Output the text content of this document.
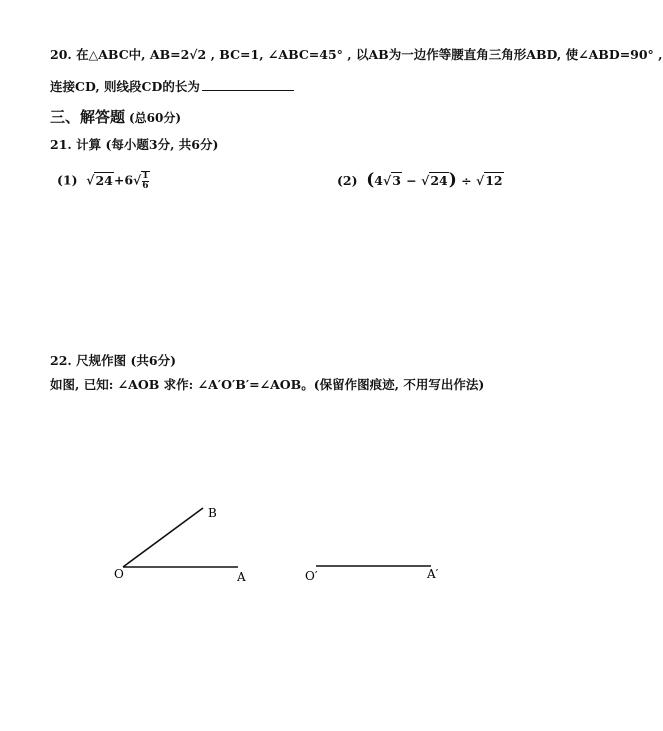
20. 在△ABC中, AB=2√2 , BC=1, ∠ABC=45° , 以AB为一边作等腰直角三角形ABD, 使∠ABD=90° ,
连接CD, 则线段CD的长为
三、解答题 (总60分)
21. 计算 (每小题3分, 共6分)
(1)  $√24+6√ \frac{1}{6}$	(2) (4√3 − √24) ÷ √12
22. 尺规作图 (共6分)
如图, 已知: ∠AOB 求作: ∠A′O′B′=∠AOB。(保留作图痕迹, 不用写出作法)
B
O	A	O′	A′
